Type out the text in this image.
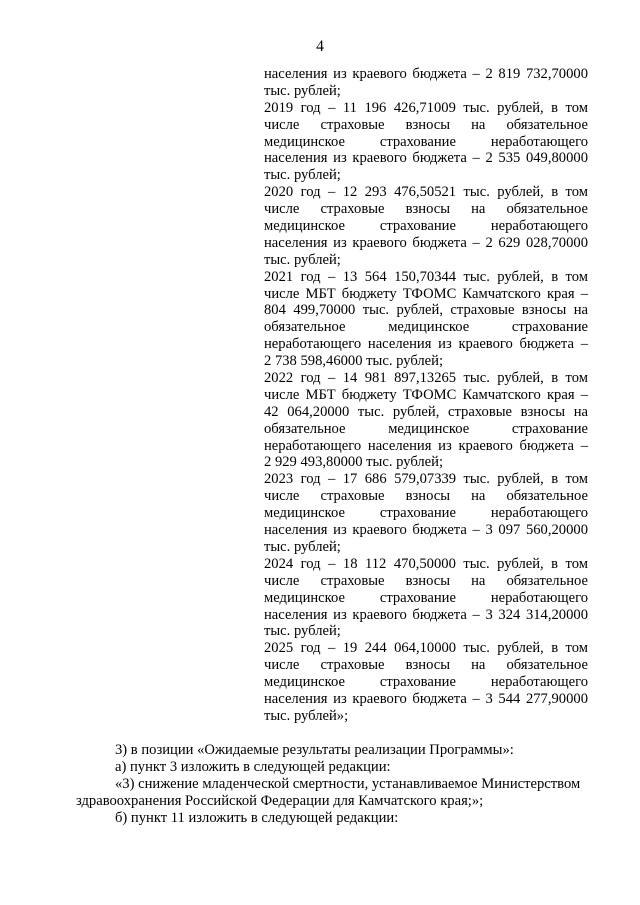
4
населения из краевого бюджета – 2 819 732,70000
тыс. рублей;
2019 год – 11 196 426,71009 тыс. рублей, в том
числе страховые взносы на обязательное
медицинское страхование неработающего
населения из краевого бюджета – 2 535 049,80000
тыс. рублей;
2020 год – 12 293 476,50521 тыс. рублей, в том
числе страховые взносы на обязательное
медицинское страхование неработающего
населения из краевого бюджета – 2 629 028,70000
тыс. рублей;
2021 год – 13 564 150,70344 тыс. рублей, в том
числе МБТ бюджету ТФОМС Камчатского края –
804 499,70000 тыс. рублей, страховые взносы на
обязательное медицинское страхование
неработающего населения из краевого бюджета –
2 738 598,46000 тыс. рублей;
2022 год – 14 981 897,13265 тыс. рублей, в том
числе МБТ бюджету ТФОМС Камчатского края –
42 064,20000 тыс. рублей, страховые взносы на
обязательное медицинское страхование
неработающего населения из краевого бюджета –
2 929 493,80000 тыс. рублей;
2023 год – 17 686 579,07339 тыс. рублей, в том
числе страховые взносы на обязательное
медицинское страхование неработающего
населения из краевого бюджета – 3 097 560,20000
тыс. рублей;
2024 год – 18 112 470,50000 тыс. рублей, в том
числе страховые взносы на обязательное
медицинское страхование неработающего
населения из краевого бюджета – 3 324 314,20000
тыс. рублей;
2025 год – 19 244 064,10000 тыс. рублей, в том
числе страховые взносы на обязательное
медицинское страхование неработающего
населения из краевого бюджета – 3 544 277,90000
тыс. рублей»;
3) в позиции «Ожидаемые результаты реализации Программы»:
а) пункт 3 изложить в следующей редакции:
«3) снижение младенческой смертности, устанавливаемое Министерством
здравоохранения Российской Федерации для Камчатского края;»;
б) пункт 11 изложить в следующей редакции:
